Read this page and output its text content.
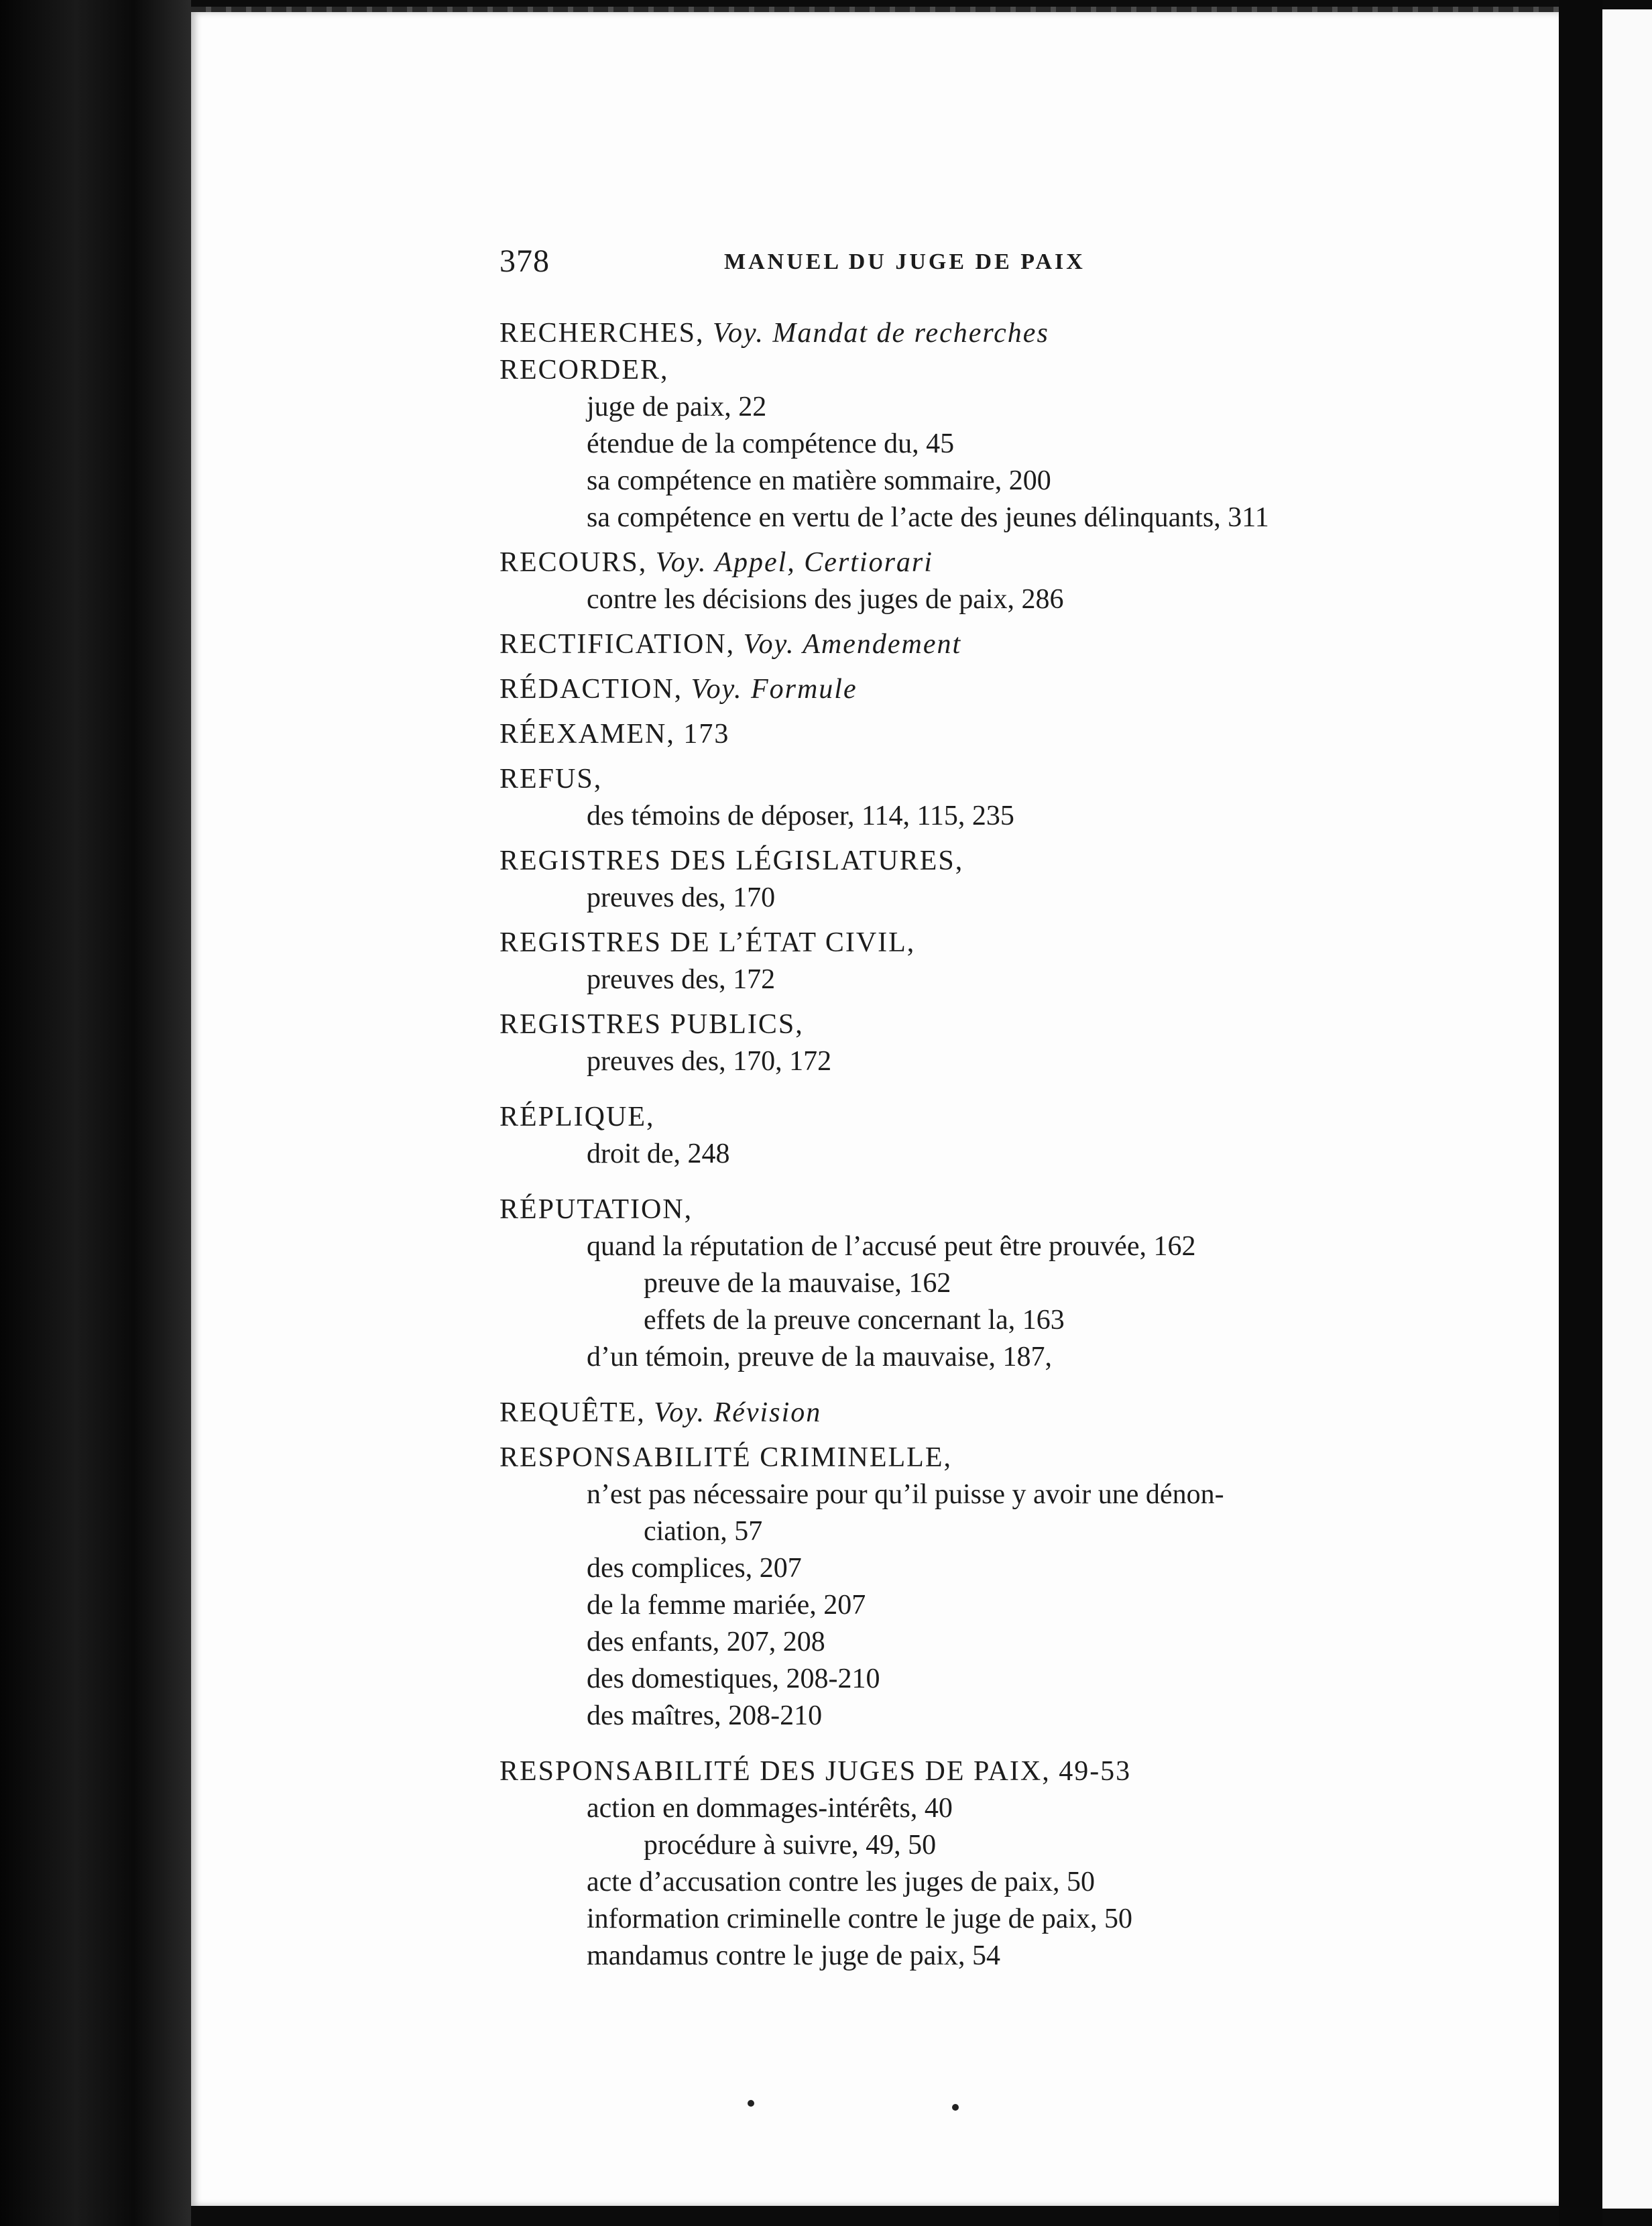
378	MANUEL DU JUGE DE PAIX
RECHERCHES, Voy. Mandat de recherches
RECORDER,
juge de paix, 22
étendue de la compétence du, 45
sa compétence en matière sommaire, 200
sa compétence en vertu de l’acte des jeunes délinquants, 311
RECOURS, Voy. Appel, Certiorari
contre les décisions des juges de paix, 286
RECTIFICATION, Voy. Amendement
RÉDACTION, Voy. Formule
RÉEXAMEN, 173
REFUS,
des témoins de déposer, 114, 115, 235
REGISTRES DES LÉGISLATURES,
preuves des, 170
REGISTRES DE L’ÉTAT CIVIL,
preuves des, 172
REGISTRES PUBLICS,
preuves des, 170, 172
RÉPLIQUE,
droit de, 248
RÉPUTATION,
quand la réputation de l’accusé peut être prouvée, 162
preuve de la mauvaise, 162
effets de la preuve concernant la, 163
d’un témoin, preuve de la mauvaise, 187,
REQUÊTE, Voy. Révision
RESPONSABILITÉ CRIMINELLE,
n’est pas nécessaire pour qu’il puisse y avoir une dénon-
ciation, 57
des complices, 207
de la femme mariée, 207
des enfants, 207, 208
des domestiques, 208-210
des maîtres, 208-210
RESPONSABILITÉ DES JUGES DE PAIX, 49-53
action en dommages-intérêts, 40
procédure à suivre, 49, 50
acte d’accusation contre les juges de paix, 50
information criminelle contre le juge de paix, 50
mandamus contre le juge de paix, 54
